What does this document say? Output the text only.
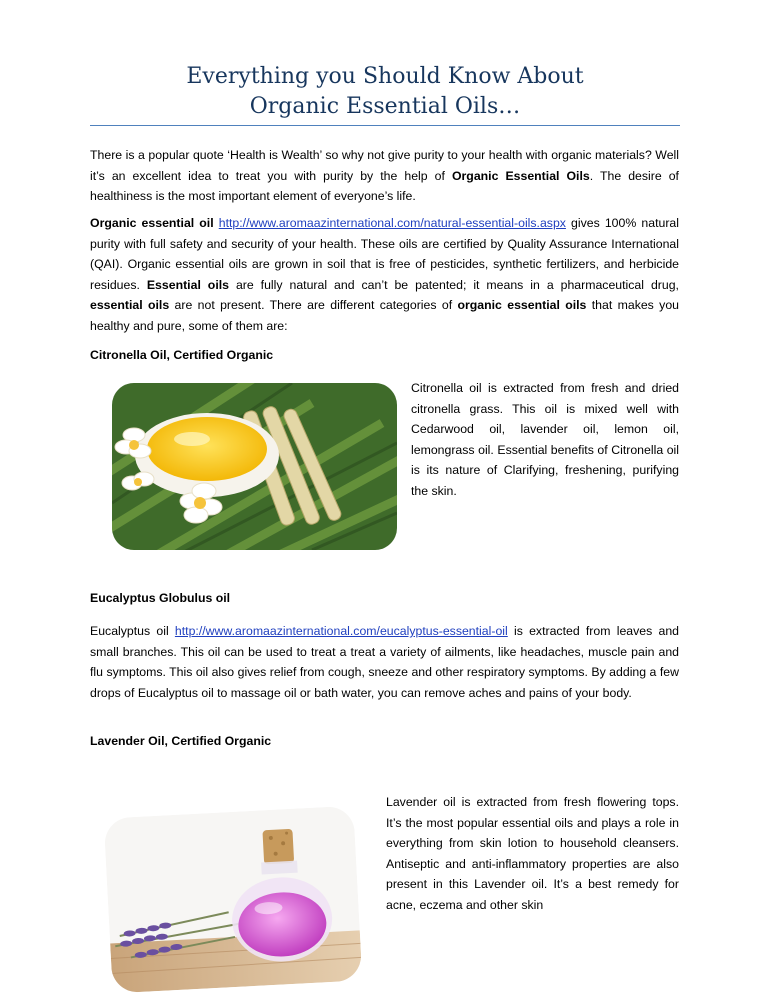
Everything you Should Know About
Organic Essential Oils…

There is a popular quote ‘Health is Wealth’ so why not give purity to your health with organic materials? Well it’s an excellent idea to treat you with purity by the help of Organic Essential Oils. The desire of healthiness is the most important element of everyone’s life.

Organic essential oil http://www.aromaazinternational.com/natural-essential-oils.aspx gives 100% natural purity with full safety and security of your health. These oils are certified by Quality Assurance International (QAI). Organic essential oils are grown in soil that is free of pesticides, synthetic fertilizers, and herbicide residues. Essential oils are fully natural and can’t be patented; it means in a pharmaceutical drug, essential oils are not present. There are different categories of organic essential oils that makes you healthy and pure, some of them are:

Citronella Oil, Certified Organic

Citronella oil is extracted from fresh and dried citronella grass. This oil is mixed well with Cedarwood oil, lavender oil, lemon oil, lemongrass oil. Essential benefits of Citronella oil is its nature of Clarifying, freshening, purifying the skin.

Eucalyptus Globulus oil

Eucalyptus oil http://www.aromaazinternational.com/eucalyptus-essential-oil is extracted from leaves and small branches. This oil can be used to treat a treat a variety of ailments, like headaches, muscle pain and flu symptoms. This oil also gives relief from cough, sneeze and other respiratory symptoms. By adding a few drops of Eucalyptus oil to massage oil or bath water, you can remove aches and pains of your body.

Lavender Oil, Certified Organic

Lavender oil is extracted from fresh flowering tops. It’s the most popular essential oils and plays a role in everything from skin lotion to household cleansers. Antiseptic and anti-inflammatory properties are also present in this Lavender oil. It’s a best remedy for acne, eczema and other skin
